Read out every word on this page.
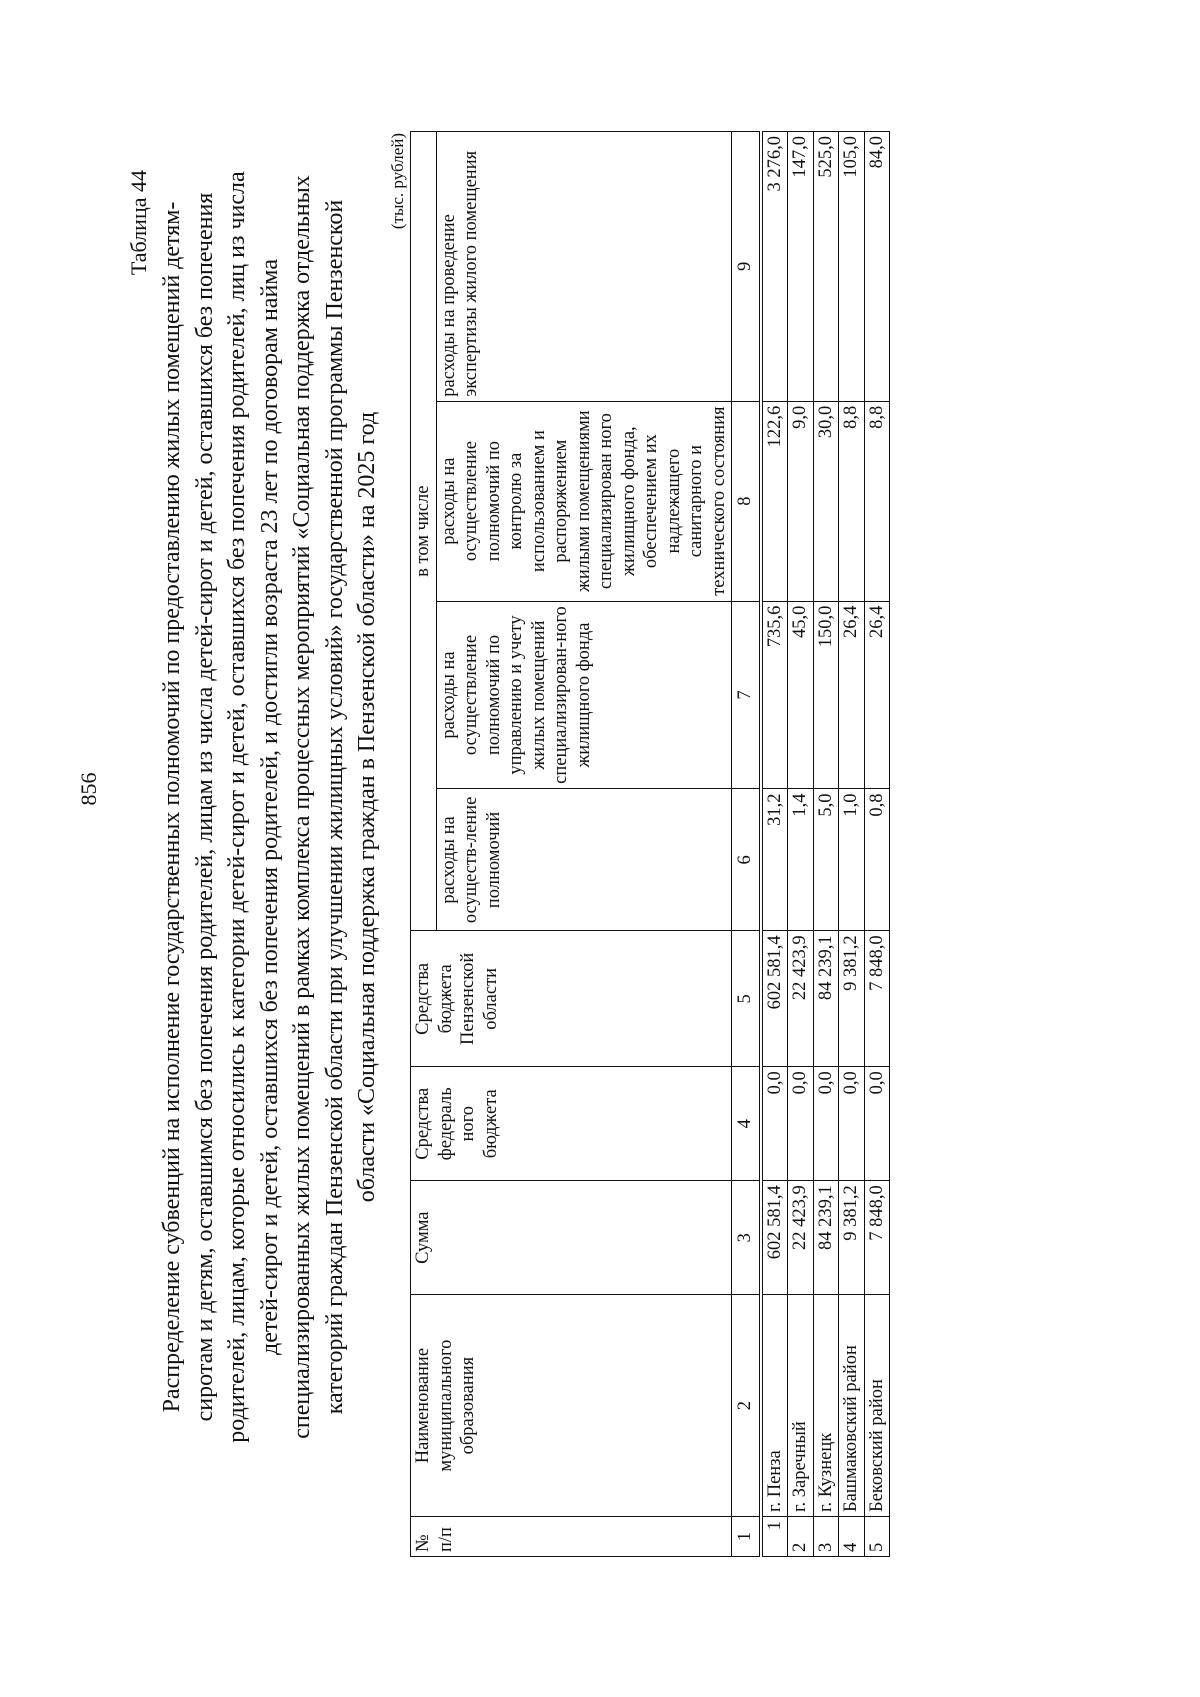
856
Таблица 44 Распределение субвенций на исполнение государственных полномочий по предоставлению жилых помещений детям-сиротам и детям, оставшимся без попечения родителей, лицам из числа детей-сирот и детей, оставшихся без попечения родителей, лицам, которые относились к категории детей-сирот и детей, оставшихся без попечения родителей, лиц из числа детей-сирот и детей, оставшихся без попечения родителей, и достигли возраста 23 лет по договорам найма специализированных жилых помещений в рамках комплекса процессных мероприятий «Социальная поддержка отдельных категорий граждан Пензенской области при улучшении жилищных условий» государственной программы Пензенской области «Социальная поддержка граждан в Пензенской области» на 2025 год
(тыс. рублей)
№ п/п	Наименование муниципального образования	Сумма	Средства федераль ного бюджета	Средства бюджета Пензенской области	в том числе			
					расходы на осуществ-ление полномочий	расходы на осуществление полномочий по управлению и учету жилых помещений специализирован-ного жилищного фонда	расходы на осуществление полномочий по контролю за использованием и распоряжением жилыми помещениями специализирован ного жилищного фонда, обеспечением их надлежащего санитарного и технического состояния	расходы на проведение экспертизы жилого помещения
1	2	3	4	5	6	7	8	9
1	г. Пенза	602 581,4	0,0	602 581,4	31,2	735,6	122,6	3 276,0
2	г. Заречный	22 423,9	0,0	22 423,9	1,4	45,0	9,0	147,0
3	г. Кузнецк	84 239,1	0,0	84 239,1	5,0	150,0	30,0	525,0
4	Башмаковский район	9 381,2	0,0	9 381,2	1,0	26,4	8,8	105,0
5	Бековский район	7 848,0	0,0	7 848,0	0,8	26,4	8,8	84,0
